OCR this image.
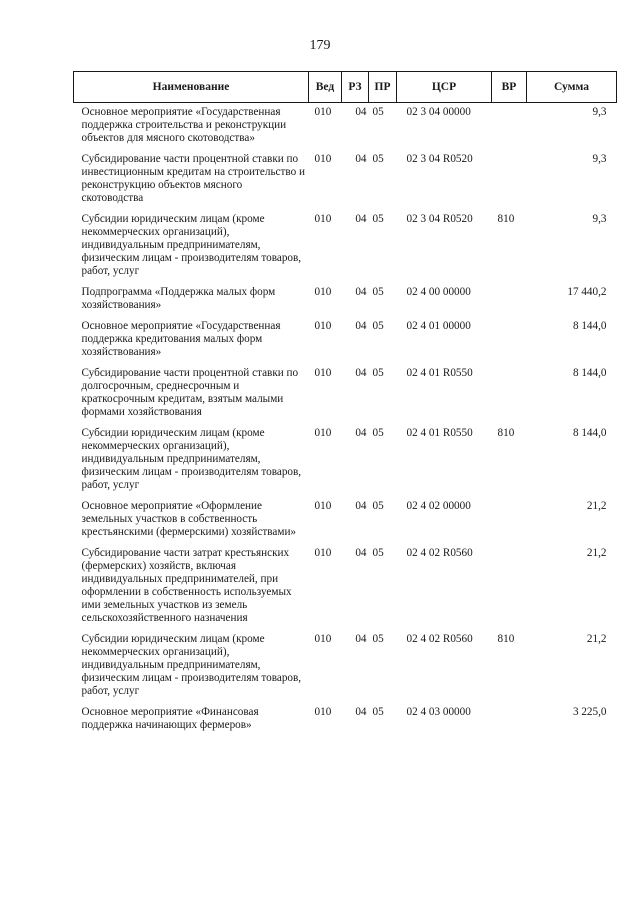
179
Наименование	Вед	РЗ	ПР	ЦСР	ВР	Сумма
Основное мероприятие «Государственная поддержка строительства и реконструкции объектов для мясного скотоводства»	010	04	05	02 3 04 00000		9,3
Субсидирование части процентной ставки по инвестиционным кредитам на строительство и реконструкцию объектов мясного скотоводства	010	04	05	02 3 04 R0520		9,3
Субсидии юридическим лицам (кроме некоммерческих организаций), индивидуальным предпринимателям, физическим лицам - производителям товаров, работ, услуг	010	04	05	02 3 04 R0520	810	9,3
Подпрограмма «Поддержка малых форм хозяйствования»	010	04	05	02 4 00 00000		17 440,2
Основное мероприятие «Государственная поддержка кредитования малых форм хозяйствования»	010	04	05	02 4 01 00000		8 144,0
Субсидирование части процентной ставки по долгосрочным, среднесрочным и краткосрочным кредитам, взятым малыми формами хозяйствования	010	04	05	02 4 01 R0550		8 144,0
Субсидии юридическим лицам (кроме некоммерческих организаций), индивидуальным предпринимателям, физическим лицам - производителям товаров, работ, услуг	010	04	05	02 4 01 R0550	810	8 144,0
Основное мероприятие «Оформление земельных участков в собственность крестьянскими (фермерскими) хозяйствами»	010	04	05	02 4 02 00000		21,2
Субсидирование части затрат крестьянских (фермерских) хозяйств, включая индивидуальных предпринимателей, при оформлении в собственность используемых ими земельных участков из земель сельскохозяйственного назначения	010	04	05	02 4 02 R0560		21,2
Субсидии юридическим лицам (кроме некоммерческих организаций), индивидуальным предпринимателям, физическим лицам - производителям товаров, работ, услуг	010	04	05	02 4 02 R0560	810	21,2
Основное мероприятие «Финансовая поддержка начинающих фермеров»	010	04	05	02 4 03 00000		3 225,0
